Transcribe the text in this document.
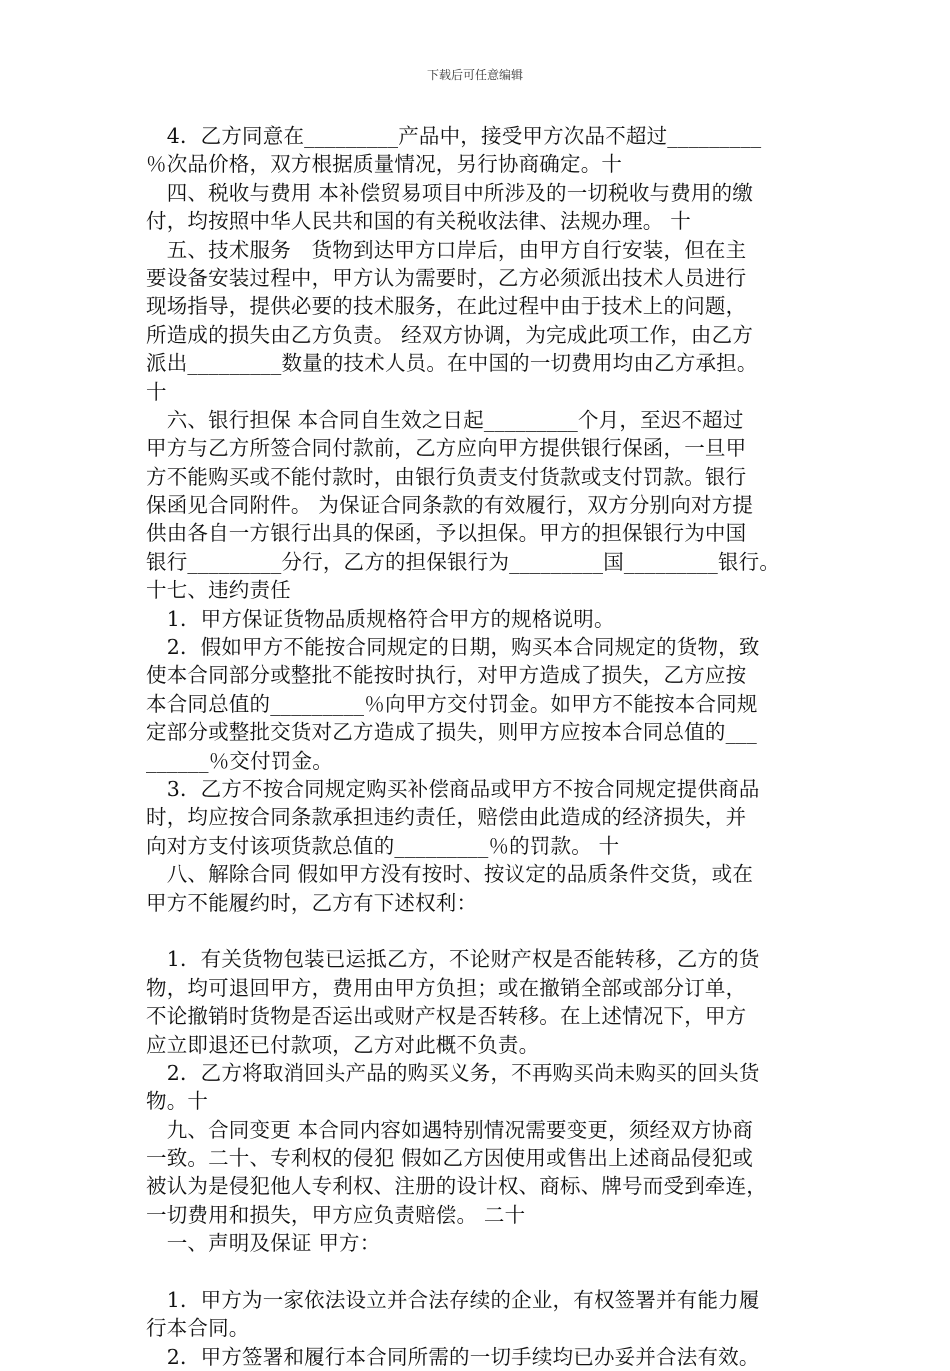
下载后可任意编辑
　4．乙方同意在_________产品中，接受甲方次品不超过_________
％次品价格，双方根据质量情况，另行协商确定。十
　四、税收与费用 本补偿贸易项目中所涉及的一切税收与费用的缴
付，均按照中华人民共和国的有关税收法律、法规办理。 十
　五、技术服务　货物到达甲方口岸后，由甲方自行安装，但在主
要设备安装过程中，甲方认为需要时，乙方必须派出技术人员进行
现场指导，提供必要的技术服务，在此过程中由于技术上的问题，
所造成的损失由乙方负责。 经双方协调，为完成此项工作，由乙方
派出_________数量的技术人员。在中国的一切费用均由乙方承担。
十
　六、银行担保 本合同自生效之日起_________个月，至迟不超过
甲方与乙方所签合同付款前，乙方应向甲方提供银行保函，一旦甲
方不能购买或不能付款时，由银行负责支付货款或支付罚款。银行
保函见合同附件。 为保证合同条款的有效履行，双方分别向对方提
供由各自一方银行出具的保函，予以担保。甲方的担保银行为中国
银行_________分行，乙方的担保银行为_________国_________银行。
十七、违约责任
　1．甲方保证货物品质规格符合甲方的规格说明。
　2．假如甲方不能按合同规定的日期，购买本合同规定的货物，致
使本合同部分或整批不能按时执行，对甲方造成了损失，乙方应按
本合同总值的_________％向甲方交付罚金。如甲方不能按本合同规
定部分或整批交货对乙方造成了损失，则甲方应按本合同总值的___
______％交付罚金。
　3．乙方不按合同规定购买补偿商品或甲方不按合同规定提供商品
时，均应按合同条款承担违约责任，赔偿由此造成的经济损失，并
向对方支付该项货款总值的_________％的罚款。 十
　八、解除合同 假如甲方没有按时、按议定的品质条件交货，或在
甲方不能履约时，乙方有下述权利：
　1．有关货物包装已运抵乙方，不论财产权是否能转移，乙方的货
物，均可退回甲方，费用由甲方负担；或在撤销全部或部分订单，
不论撤销时货物是否运出或财产权是否转移。在上述情况下，甲方
应立即退还已付款项，乙方对此概不负责。
　2．乙方将取消回头产品的购买义务，不再购买尚未购买的回头货
物。十
　九、合同变更 本合同内容如遇特别情况需要变更，须经双方协商
一致。二十、专利权的侵犯 假如乙方因使用或售出上述商品侵犯或
被认为是侵犯他人专利权、注册的设计权、商标、牌号而受到牵连，
一切费用和损失，甲方应负责赔偿。 二十
　一、声明及保证 甲方：
　1．甲方为一家依法设立并合法存续的企业，有权签署并有能力履
行本合同。
　2．甲方签署和履行本合同所需的一切手续均已办妥并合法有效。
